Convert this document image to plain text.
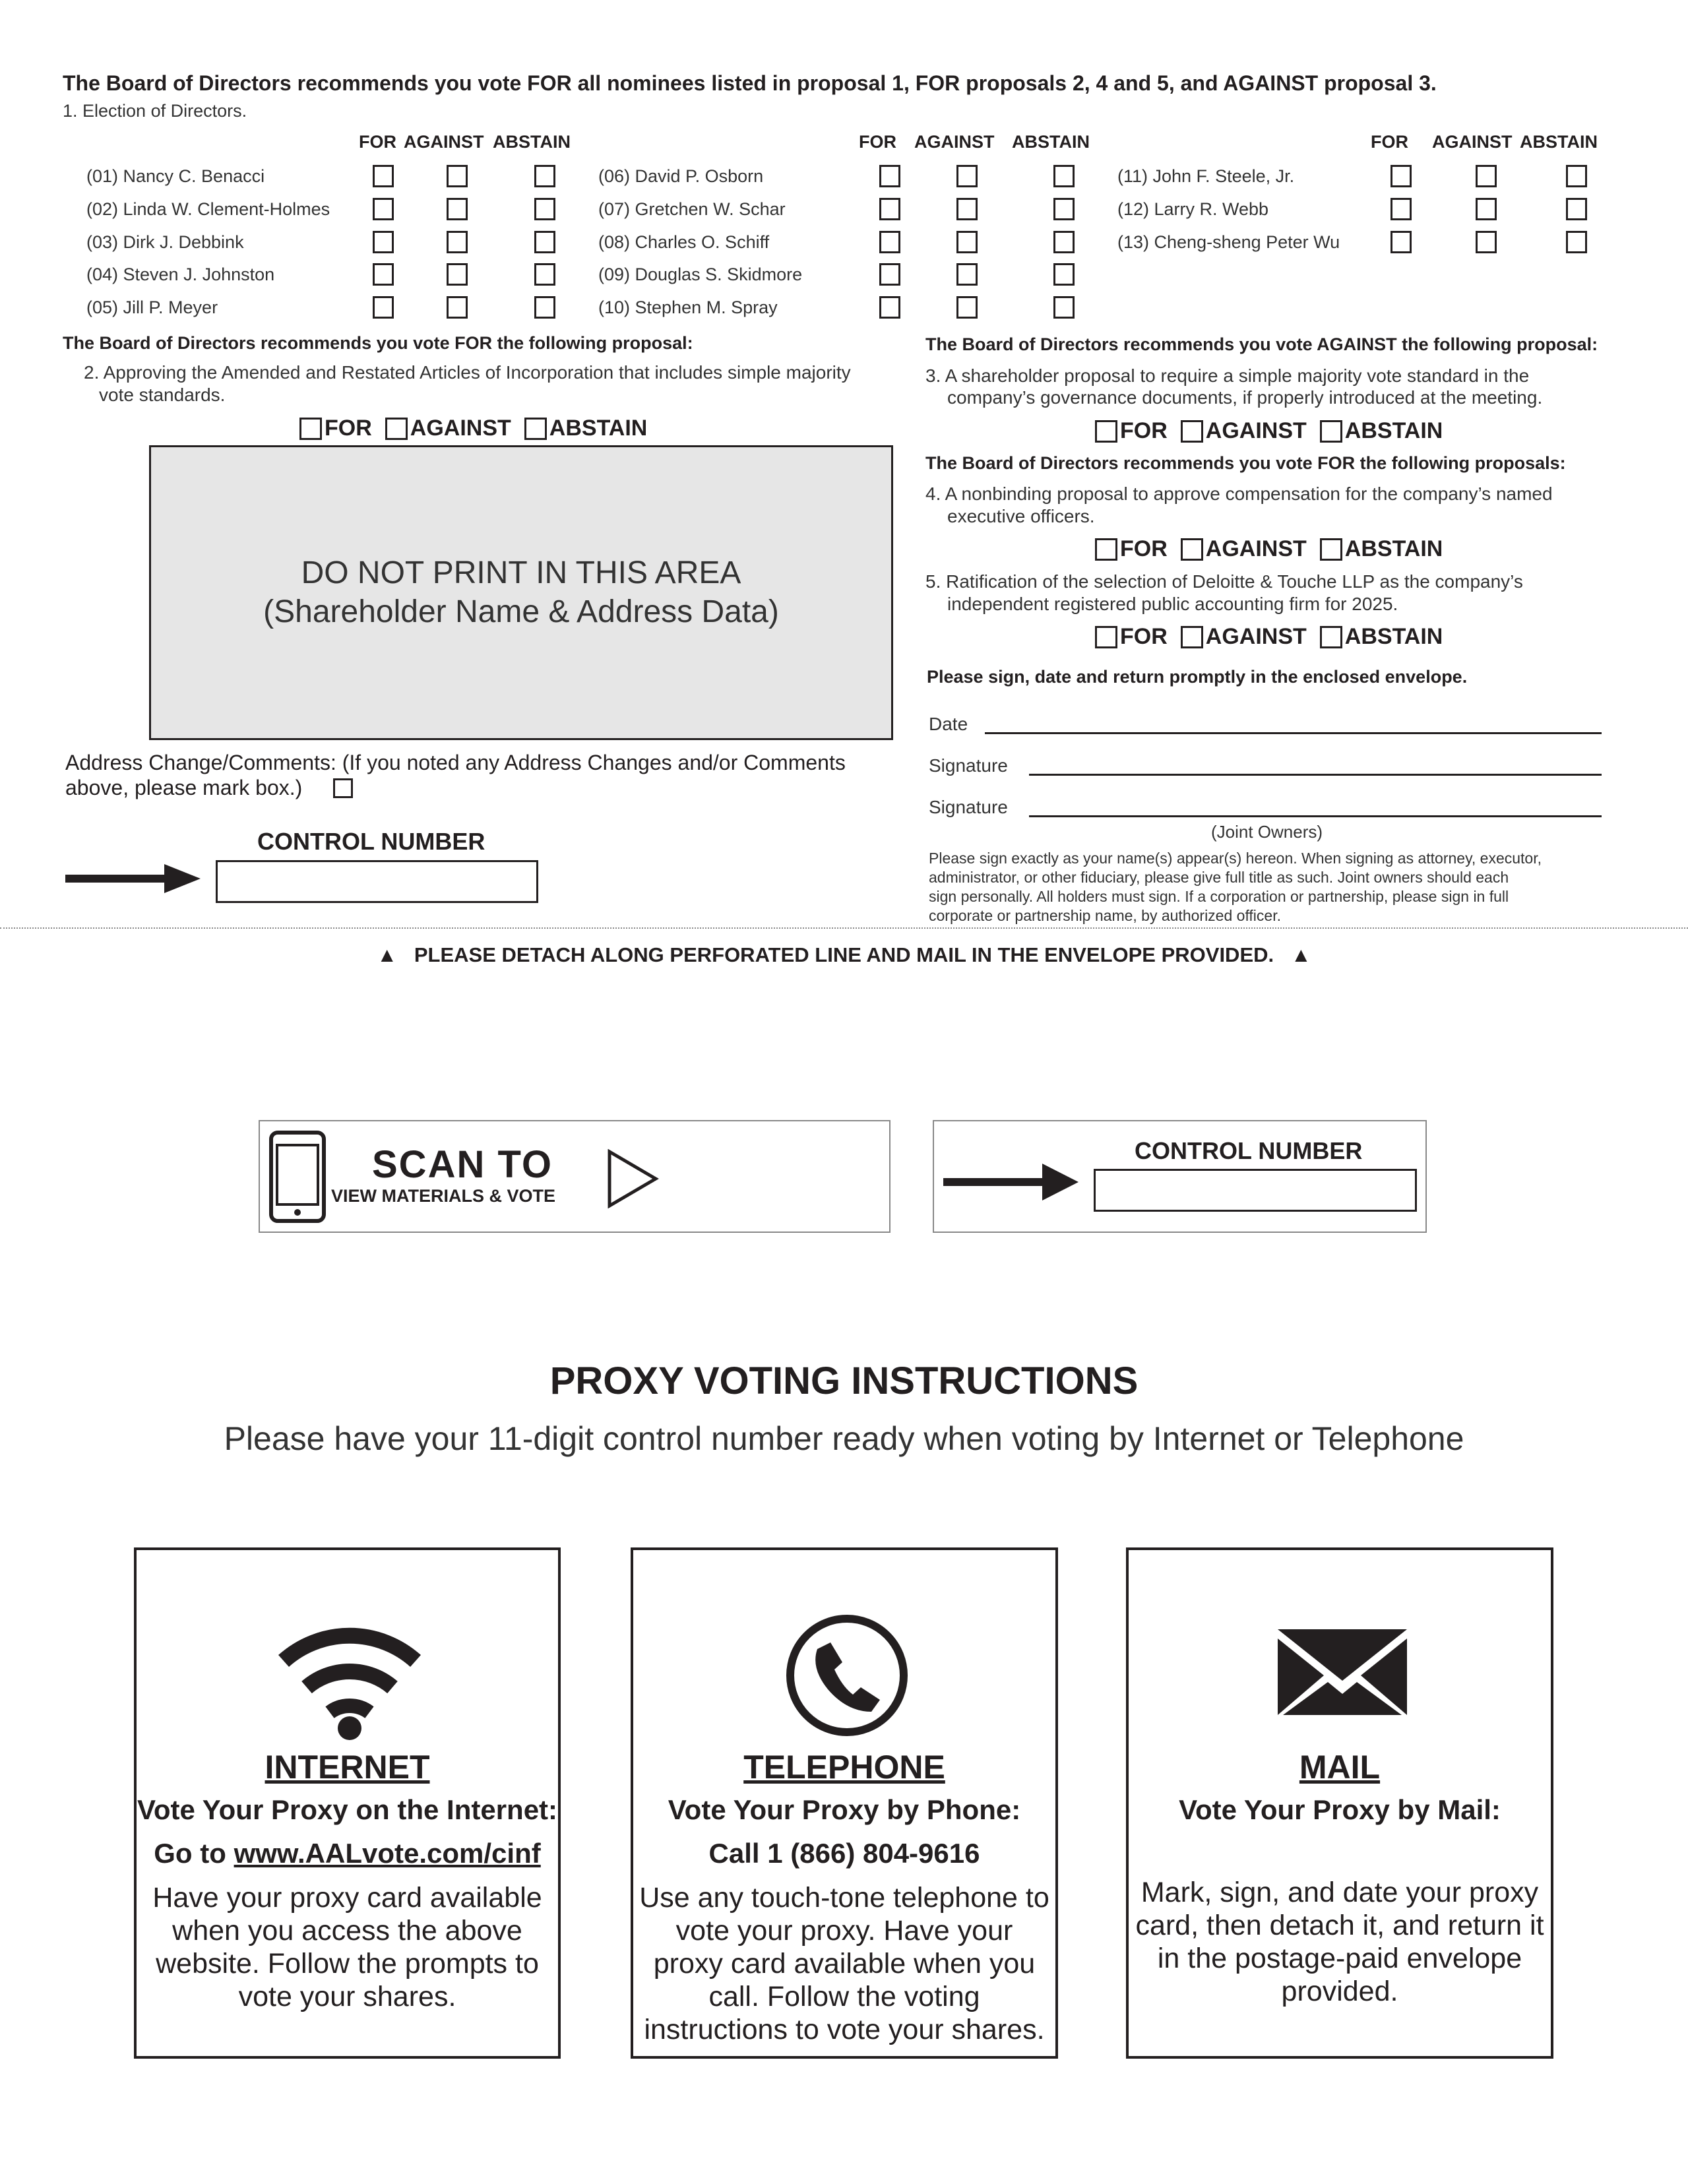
The Board of Directors recommends you vote FOR all nominees listed in proposal 1, FOR proposals 2, 4 and 5, and AGAINST proposal 3.
1. Election of Directors.
FOR AGAINST ABSTAIN	FOR AGAINST ABSTAIN	FOR AGAINST ABSTAIN
(01) Nancy C. Benacci
(02) Linda W. Clement-Holmes
(03) Dirk J. Debbink
(04) Steven J. Johnston
(05) Jill P. Meyer
(06) David P. Osborn
(07) Gretchen W. Schar
(08) Charles O. Schiff
(09) Douglas S. Skidmore
(10) Stephen M. Spray
(11) John F. Steele, Jr.
(12) Larry R. Webb
(13) Cheng-sheng Peter Wu
The Board of Directors recommends you vote FOR the following proposal:
2. Approving the Amended and Restated Articles of Incorporation that includes simple majority
vote standards.
FOR AGAINST ABSTAIN
DO NOT PRINT IN THIS AREA
(Shareholder Name & Address Data)
Address Change/Comments: (If you noted any Address Changes and/or Comments
above, please mark box.)
CONTROL NUMBER
The Board of Directors recommends you vote AGAINST the following proposal:
3. A shareholder proposal to require a simple majority vote standard in the
company’s governance documents, if properly introduced at the meeting.
FOR AGAINST ABSTAIN
The Board of Directors recommends you vote FOR the following proposals:
4. A nonbinding proposal to approve compensation for the company’s named
executive officers.
FOR AGAINST ABSTAIN
5. Ratification of the selection of Deloitte & Touche LLP as the company’s
independent registered public accounting firm for 2025.
FOR AGAINST ABSTAIN
Please sign, date and return promptly in the enclosed envelope.
Date
Signature
Signature
(Joint Owners)
Please sign exactly as your name(s) appear(s) hereon. When signing as attorney, executor,
administrator, or other fiduciary, please give full title as such. Joint owners should each
sign personally. All holders must sign. If a corporation or partnership, please sign in full
corporate or partnership name, by authorized officer.
▲ PLEASE DETACH ALONG PERFORATED LINE AND MAIL IN THE ENVELOPE PROVIDED. ▲
SCAN TO
VIEW MATERIALS & VOTE
CONTROL NUMBER
PROXY VOTING INSTRUCTIONS
Please have your 11-digit control number ready when voting by Internet or Telephone
INTERNET
Vote Your Proxy on the Internet:
Go to www.AALvote.com/cinf
Have your proxy card available when you access the above website. Follow the prompts to vote your shares.
TELEPHONE
Vote Your Proxy by Phone:
Call 1 (866) 804-9616
Use any touch-tone telephone to vote your proxy. Have your proxy card available when you call. Follow the voting instructions to vote your shares.
MAIL
Vote Your Proxy by Mail:
Mark, sign, and date your proxy card, then detach it, and return it in the postage-paid envelope provided.
